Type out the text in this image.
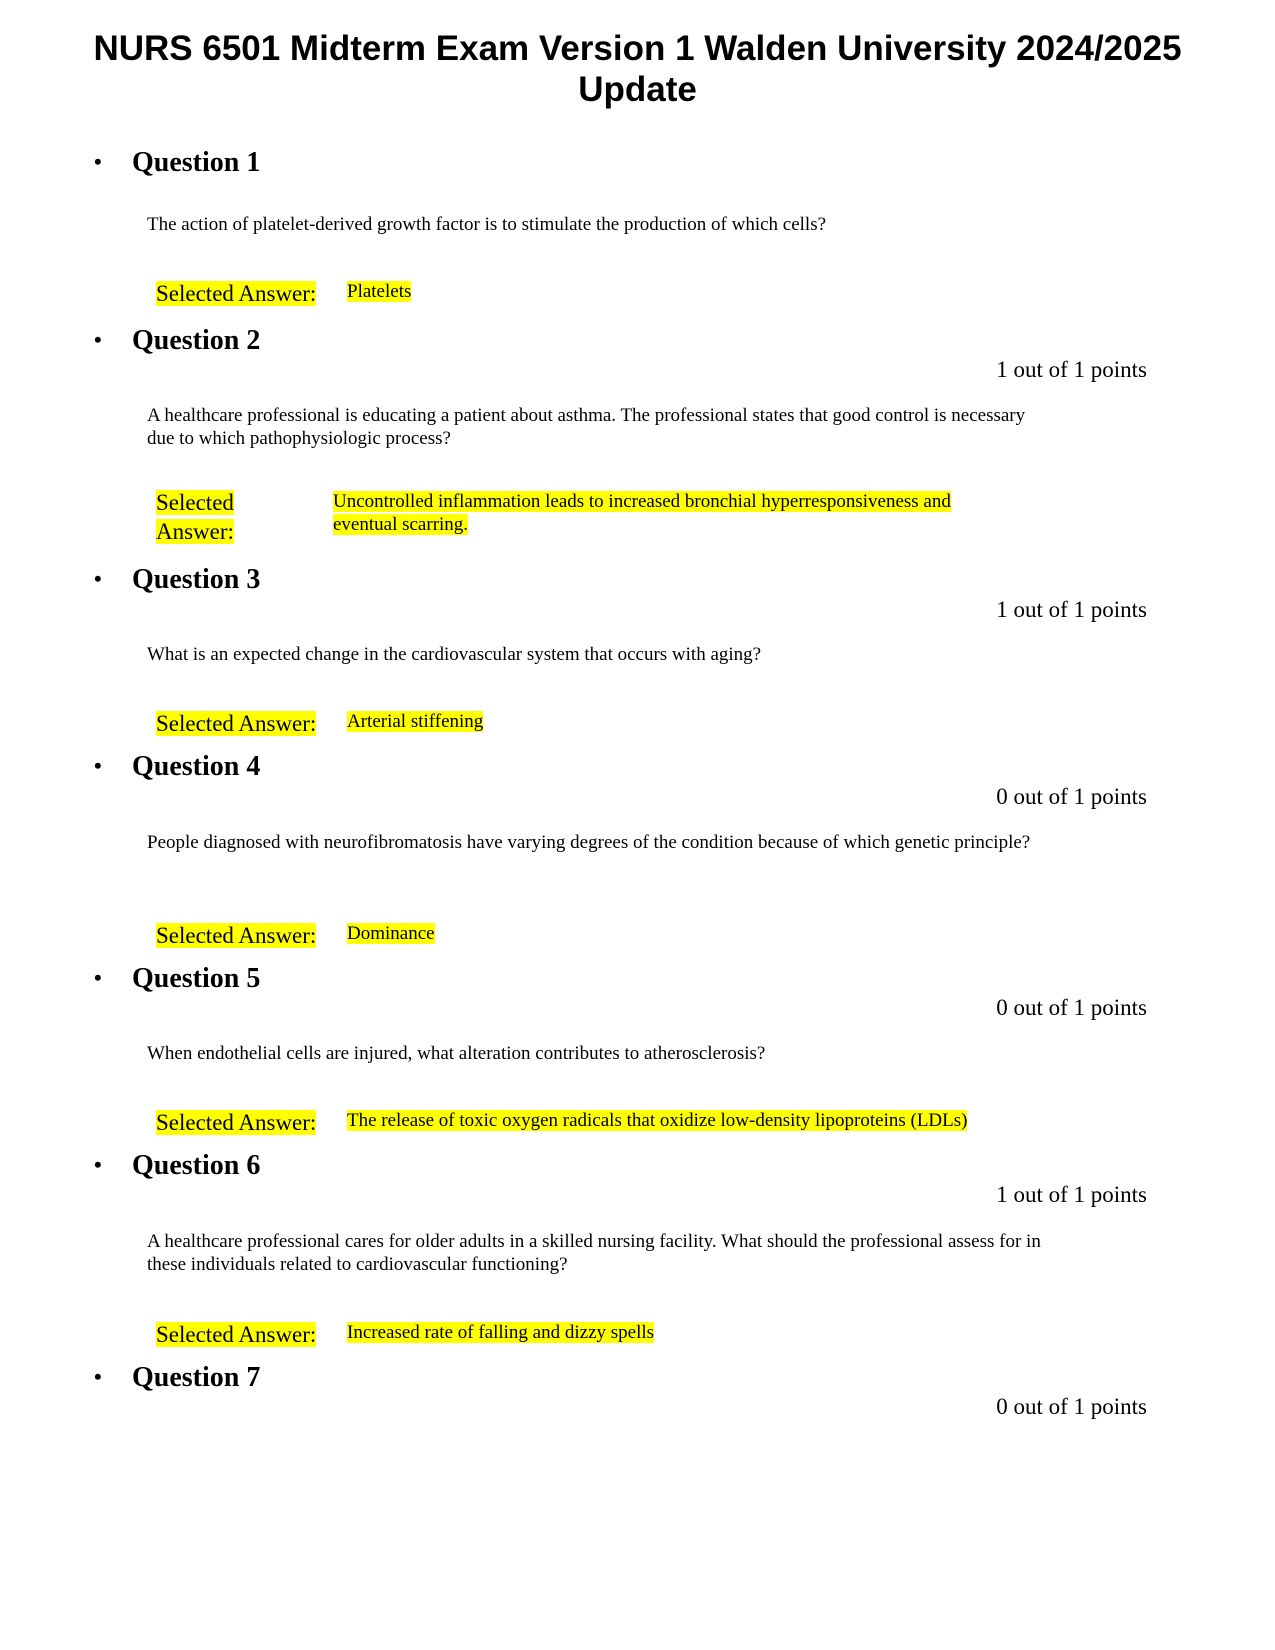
NURS 6501 Midterm Exam Version 1 Walden University 2024/2025
Update
• Question 1
The action of platelet-derived growth factor is to stimulate the production of which cells?
Selected Answer: Platelets
• Question 2
1 out of 1 points
A healthcare professional is educating a patient about asthma. The professional states that good control is necessary due to which pathophysiologic process?
Selected
Answer:
Uncontrolled inflammation leads to increased bronchial hyperresponsiveness and eventual scarring.
• Question 3
1 out of 1 points
What is an expected change in the cardiovascular system that occurs with aging?
Selected Answer: Arterial stiffening
• Question 4
0 out of 1 points
People diagnosed with neurofibromatosis have varying degrees of the condition because of which genetic principle?
Selected Answer: Dominance
• Question 5
0 out of 1 points
When endothelial cells are injured, what alteration contributes to atherosclerosis?
Selected Answer: The release of toxic oxygen radicals that oxidize low-density lipoproteins (LDLs)
• Question 6
1 out of 1 points
A healthcare professional cares for older adults in a skilled nursing facility. What should the professional assess for in these individuals related to cardiovascular functioning?
Selected Answer: Increased rate of falling and dizzy spells
• Question 7
0 out of 1 points
